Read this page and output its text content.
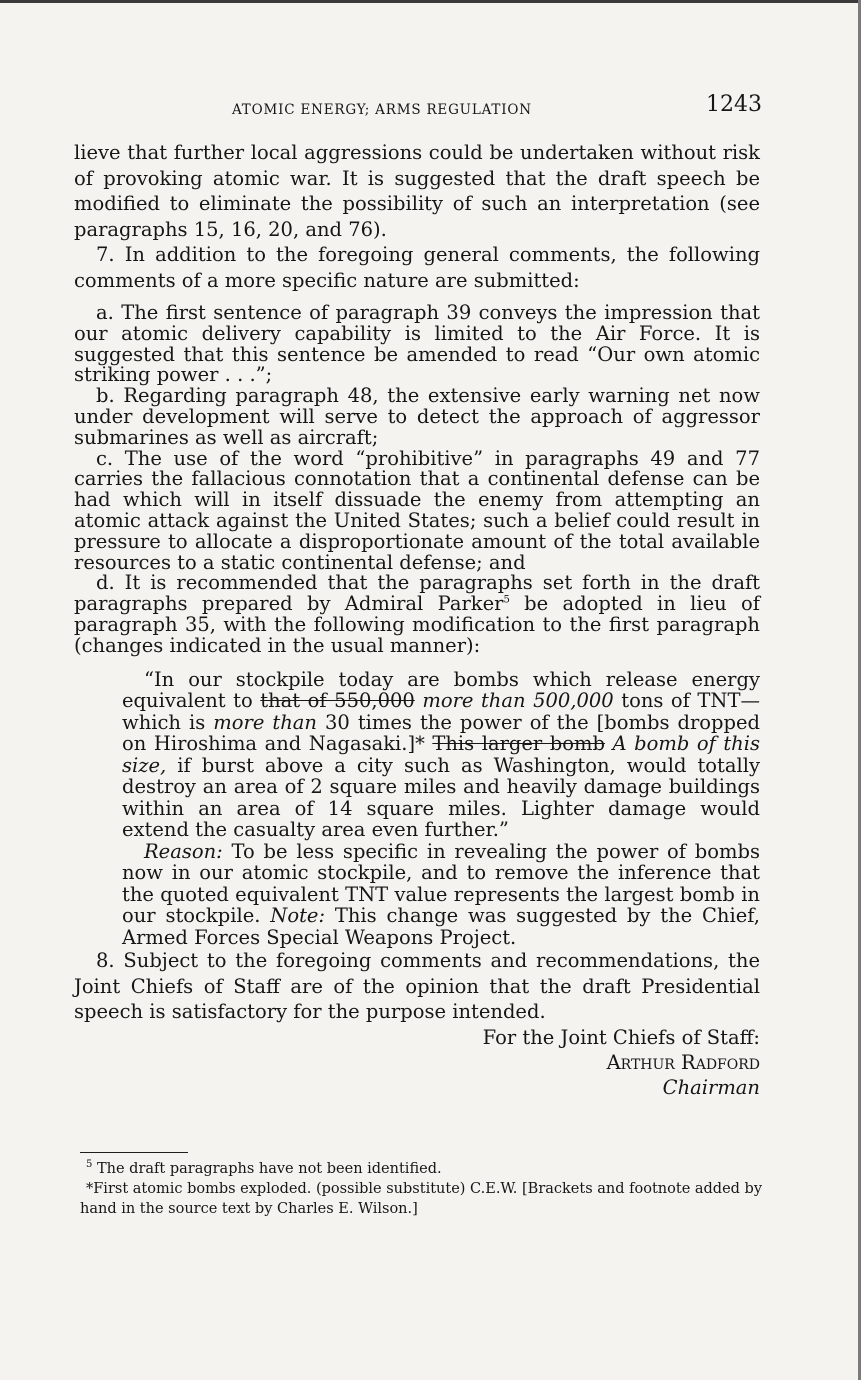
ATOMIC ENERGY; ARMS REGULATION	1243

lieve that further local aggressions could be undertaken without risk of provoking atomic war. It is suggested that the draft speech be modified to eliminate the possibility of such an interpretation (see paragraphs 15, 16, 20, and 76).

7. In addition to the foregoing general comments, the following comments of a more specific nature are submitted:

a. The first sentence of paragraph 39 conveys the impression that our atomic delivery capability is limited to the Air Force. It is suggested that this sentence be amended to read “Our own atomic striking power . . .”;

b. Regarding paragraph 48, the extensive early warning net now under development will serve to detect the approach of aggressor submarines as well as aircraft;

c. The use of the word “prohibitive” in paragraphs 49 and 77 carries the fallacious connotation that a continental defense can be had which will in itself dissuade the enemy from attempting an atomic attack against the United States; such a belief could result in pressure to allocate a disproportionate amount of the total available resources to a static continental defense; and

d. It is recommended that the paragraphs set forth in the draft paragraphs prepared by Admiral Parker$^5$ be adopted in lieu of paragraph 35, with the following modification to the first paragraph (changes indicated in the usual manner):

“In our stockpile today are bombs which release energy equivalent to that of 550,000 more than 500,000 tons of TNT—which is more than 30 times the power of the [bombs dropped on Hiroshima and Nagasaki.]* This larger bomb A bomb of this size, if burst above a city such as Washington, would totally destroy an area of 2 square miles and heavily damage buildings within an area of 14 square miles. Lighter damage would extend the casualty area even further.”

Reason: To be less specific in revealing the power of bombs now in our atomic stockpile, and to remove the inference that the quoted equivalent TNT value represents the largest bomb in our stockpile. Note: This change was suggested by the Chief, Armed Forces Special Weapons Project.

8. Subject to the foregoing comments and recommendations, the Joint Chiefs of Staff are of the opinion that the draft Presidential speech is satisfactory for the purpose intended.

For the Joint Chiefs of Staff:
Arthur Radford
Chairman
$^5$ The draft paragraphs have not been identified.
*First atomic bombs exploded. (possible substitute) C.E.W. [Brackets and footnote added by hand in the source text by Charles E. Wilson.]
